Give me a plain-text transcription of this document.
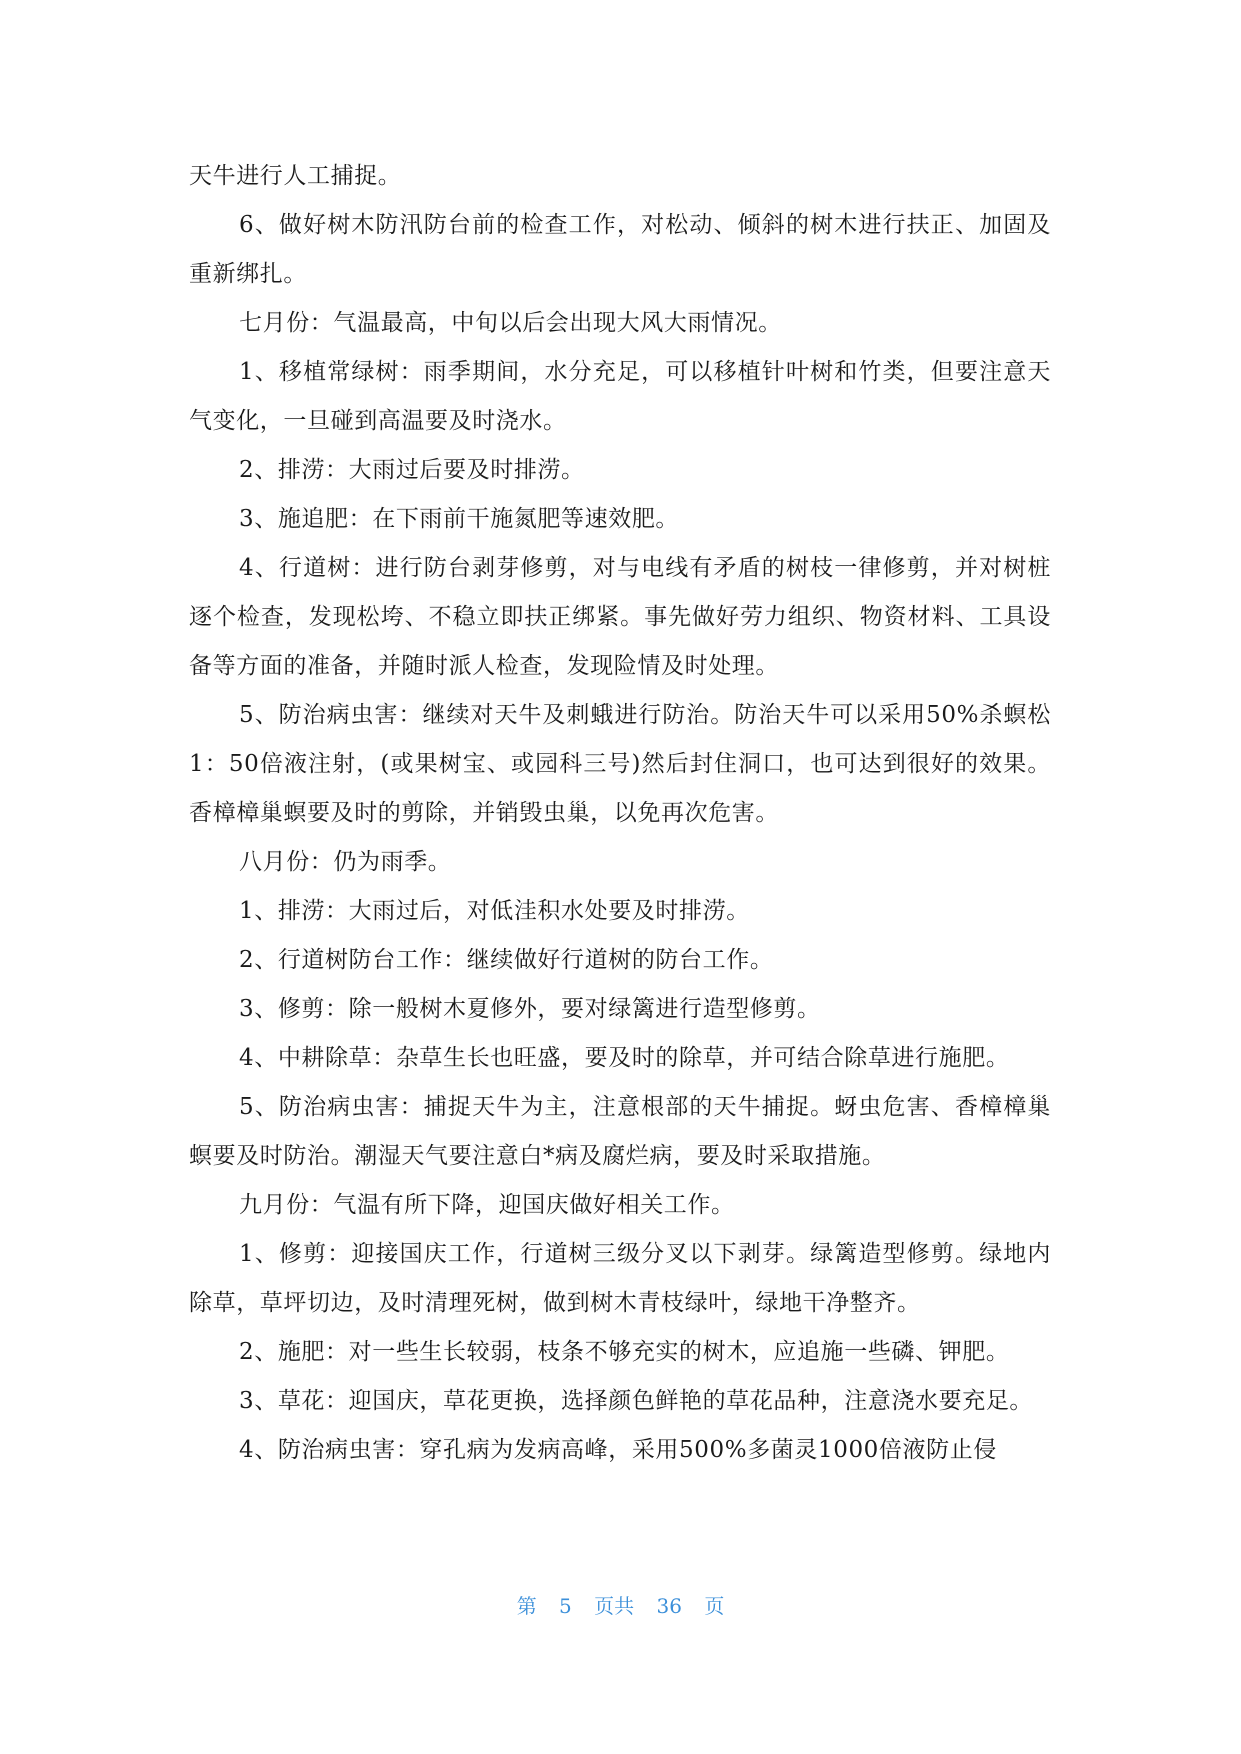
天牛进行人工捕捉。

6、做好树木防汛防台前的检查工作，对松动、倾斜的树木进行扶正、加固及重新绑扎。

七月份：气温最高，中旬以后会出现大风大雨情况。

1、移植常绿树：雨季期间，水分充足，可以移植针叶树和竹类，但要注意天气变化，一旦碰到高温要及时浇水。

2、排涝：大雨过后要及时排涝。

3、施追肥：在下雨前干施氮肥等速效肥。

4、行道树：进行防台剥芽修剪，对与电线有矛盾的树枝一律修剪，并对树桩逐个检查，发现松垮、不稳立即扶正绑紧。事先做好劳力组织、物资材料、工具设备等方面的准备，并随时派人检查，发现险情及时处理。

5、防治病虫害：继续对天牛及刺蛾进行防治。防治天牛可以采用50%杀螟松1：50倍液注射，(或果树宝、或园科三号)然后封住洞口，也可达到很好的效果。香樟樟巢螟要及时的剪除，并销毁虫巢，以免再次危害。

八月份：仍为雨季。

1、排涝：大雨过后，对低洼积水处要及时排涝。

2、行道树防台工作：继续做好行道树的防台工作。

3、修剪：除一般树木夏修外，要对绿篱进行造型修剪。

4、中耕除草：杂草生长也旺盛，要及时的除草，并可结合除草进行施肥。

5、防治病虫害：捕捉天牛为主，注意根部的天牛捕捉。蚜虫危害、香樟樟巢螟要及时防治。潮湿天气要注意白*病及腐烂病，要及时采取措施。

九月份：气温有所下降，迎国庆做好相关工作。

1、修剪：迎接国庆工作，行道树三级分叉以下剥芽。绿篱造型修剪。绿地内除草，草坪切边，及时清理死树，做到树木青枝绿叶，绿地干净整齐。

2、施肥：对一些生长较弱，枝条不够充实的树木，应追施一些磷、钾肥。

3、草花：迎国庆，草花更换，选择颜色鲜艳的草花品种，注意浇水要充足。

4、防治病虫害：穿孔病为发病高峰，采用500%多菌灵1000倍液防止侵

第 5 页共 36 页
